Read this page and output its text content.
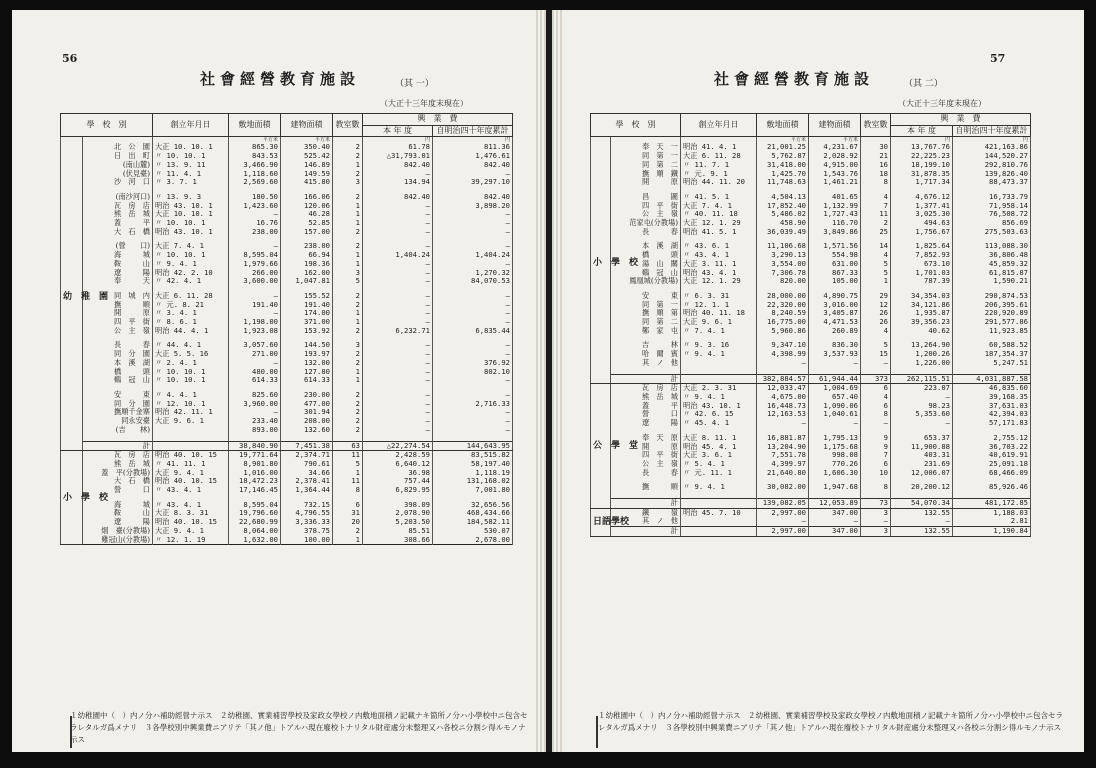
56
社會經營教育施設	（其 一）
（大正十三年度末現在）
學　校　別		創立年月日	敷地面積	建物面積	教室數	興　業　費	
						本 年 度	自明治四十年度累計

			平方米	平方米		円	円

幼　稚　園	北　公　園	大正 10. 10. 1	865.30	350.40	2	61.78	811.36
	日　出　町	〃 10. 10. 1	843.53	525.42	2	△31,793.01	1,476.61
	(南山麓)	〃 13. 9. 11	3,466.90	146.89	1	842.40	842.40
	(伏見臺)	〃 11. 4. 1	1,118.60	149.59	2	—	—
	沙　河　口	〃 3. 7. 1	2,569.60	415.80	3	134.94	39,297.10

	(南沙河口)	〃 13. 9. 3	180.50	166.06	2	842.40	842.40
	瓦　房　店	明治 43. 10. 1	1,423.60	120.06	1	—	3,898.20
	熊　岳　城	大正 10. 10. 1	—	46.28	1	—	—
	蓋　　　平	〃 10. 10. 1	16.76	52.85	1	—	—
	大　石　橋	明治 43. 10. 1	238.00	157.00	2	—	—

	(營　　口)	大正 7. 4. 1	—	238.00	2	—	—
	海　　　城	〃 10. 10. 1	8,595.04	66.94	1	1,404.24	1,404.24
	鞍　　　山	〃 9. 4. 1	1,979.66	198.36	1	—	—
	遼　　　陽	明治 42. 2. 10	266.00	162.00	3	—	1,270.32
	奉　　　天	〃 42. 4. 1	3,600.00	1,047.81	5	—	84,070.53

	同　城　内	大正 6. 11. 28	—	155.52	2	—	—
	撫　　　順	〃 元. 8. 21	191.40	191.40	2	—	—
	開　　　原	〃 3. 4. 1	—	174.00	1	—	—
	四　平　街	〃 8. 6. 1	1,198.00	371.00	1	—	—
	公　主　嶺	明治 44. 4. 1	1,923.08	153.92	2	6,232.71	6,835.44

	長　　　春	〃 44. 4. 1	3,057.60	144.50	3	—	—
	同　分　園	大正 5. 5. 16	271.00	193.97	2	—	—
	本　溪　湖	〃 2. 4. 1	—	132.00	2	—	376.92
	橋　　　頭	〃 10. 10. 1	480.00	127.80	1	—	802.10
	鷄　冠　山	〃 10. 10. 1	614.33	614.33	1	—	—

	安　　　東	〃 4. 4. 1	825.60	230.00	2	—	—
	同　分　園	〃 12. 10. 1	3,960.00	477.00	2	—	2,716.33
	撫順千金寨	明治 42. 11. 1	—	301.94	2	—	—
	同永安臺	大正 9. 6. 1	233.40	208.00	2	—	—
	(吉　　林)		893.00	132.60	2	—	—

	計		38,840.90	7,451.38	63	△22,274.54	144,643.95
小　學　校	瓦　房　店	明治 40. 10. 15	19,771.64	2,374.71	11	2,428.59	83,515.82
	熊　岳　城	〃 41. 11. 1	8,901.80	790.61	5	6,640.12	58,197.40
	蓋　平(分教場)	大正 9. 4. 1	1,016.00	34.66	1	36.98	1,118.19
	大　石　橋	明治 40. 10. 15	18,472.23	2,378.41	11	757.44	131,168.02
	營　　　口	〃 43. 4. 1	17,146.45	1,364.44	8	6,829.95	7,001.80

	海　　　城	〃 43. 4. 1	8,595.04	732.15	6	398.09	32,656.56
	鞍　　　山	大正 8. 3. 31	19,796.60	4,796.55	31	2,078.90	468,434.66
	遼　　　陽	明治 40. 10. 15	22,680.99	3,336.33	20	5,203.50	184,582.11
	烟　臺(分教場)	大正 9. 4. 1	8,064.00	378.75	2	85.51	530.07
	雞冠山(分教場)	〃 12. 1. 19	1,632.00	100.00	1	308.66	2,678.00
１幼稚園中（　）内ノ分ハ補助經營ナ示ス　２幼稚園、實業補習學校及家政女學校ノ内敷地面積ノ記載ナキ箇所ノ分ハ小學校中ニ包含セラレタルガ爲メナリ　３各學校別中興業費ニアリテ「其ノ他」トアルハ現在廢校トナリタル財産處分未整理又ハ各校ニ分割シ得ルモノナ示ス
57
社會經營教育施設	（其 二）
（大正十三年度末現在）
學　校　別		創立年月日	敷地面積	建物面積	教室數	興　業　費	
						本 年 度	自明治四十年度累計

			平方米	平方米		円	円

小　學　校	奉　天　一	明治 41. 4. 1	21,001.25	4,231.67	30	13,767.76	421,163.86
	同　第　一	大正 6. 11. 28	5,762.87	2,028.92	21	22,225.23	144,520.27
	同　第　二	〃 11. 7. 1	31,418.00	4,915.00	16	18,199.10	292,810.76
	撫　順　鐵	〃 元. 9. 1	1,425.70	1,543.76	18	31,878.35	139,826.40
	開　　　原	明治 44. 11. 20	11,748.63	1,461.21	8	1,717.34	88,473.37

	昌　　　圖	〃 41. 5. 1	4,504.13	401.65	4	4,676.12	16,733.79
	四　平　街	大正 7. 4. 1	17,852.40	1,132.99	7	1,377.41	71,958.14
	公　主　嶺	〃 40. 11. 18	5,486.02	1,727.43	11	3,025.30	76,508.72
	范家屯(分教場)	大正 12. 1. 29	458.90	116.70	2	494.63	856.69
	長　　　春	明治 41. 5. 1	36,039.49	3,849.86	25	1,756.67	275,503.63

	本　溪　湖	〃 43. 6. 1	11,106.68	1,571.56	14	1,825.64	113,088.30
	橋　　　頭	〃 43. 4. 1	3,290.13	554.98	4	7,852.93	36,806.48
	湯　山　關	大正 3. 11. 1	3,554.00	631.00	5	673.10	45,859.32
	鷄　冠　山	明治 43. 4. 1	7,306.78	867.33	5	1,701.03	61,815.87
	鳳凰城(分教場)	大正 12. 1. 29	820.00	105.00	1	787.39	1,590.21

	安　　　東	〃 6. 3. 31	28,000.00	4,890.75	29	34,354.03	290,874.53
	同　第　一	〃 12. 1. 1	22,320.00	3,016.00	12	34,121.86	206,395.61
	撫　順　第	明治 40. 11. 18	8,240.59	3,405.87	26	1,935.87	220,920.89
	同　第　二	大正 9. 6. 1	16,775.00	4,471.53	26	39,356.23	291,577.86
	鄭　家　屯	〃 7. 4. 1	5,960.86	260.89	4	40.62	11,923.85

	吉　　　林	〃 9. 3. 16	9,347.10	836.30	5	13,264.90	60,588.52
	哈　爾　賓	〃 9. 4. 1	4,398.99	3,537.93	15	1,200.26	187,354.37
	其　ノ　他		—	—	—	1,226.00	5,247.51

	計		382,884.57	61,944.44	373	262,115.51	4,031,887.58
公　學　堂	瓦　房　店	大正 2. 3. 31	12,033.47	1,004.69	6	223.07	46,835.60
	熊　岳　城	〃 9. 4. 1	4,675.00	657.40	4	—	39,168.35
	蓋　　　平	明治 43. 10. 1	16,448.73	1,090.06	6	98.23	37,631.03
	營　　　口	〃 42. 6. 15	12,163.53	1,040.61	8	5,353.60	42,394.03
	遼　　　陽	〃 45. 4. 1	—	—	—	—	57,171.83

	奉　天　原	大正 8. 11. 1	16,881.87	1,795.13	9	653.37	2,755.12
	開　　　原	明治 45. 4. 1	13,204.90	1,175.68	9	11,900.88	36,703.22
	四　平　街	大正 3. 6. 1	7,551.78	998.08	7	403.31	40,619.91
	公　主　嶺	〃 5. 4. 1	4,399.97	770.26	6	231.69	25,091.18
	長　　　春	〃 元. 11. 1	21,640.80	1,606.30	10	12,006.07	68,466.09

	撫　　　順	〃 9. 4. 1	30,082.00	1,947.68	8	20,200.12	85,926.46

	計		139,082.05	12,053.89	73	54,070.34	481,172.85
日語學校	鐵　　　嶺	明治 45. 7. 10	2,997.00	347.00	3	132.55	1,188.03
	其　ノ　他		—	—	—	—	2.81
	計		2,997.00	347.00	3	132.55	1,190.84
１幼稚園中（　）内ノ分ハ補助經營ナ示ス　２幼稚園、實業補習學校及家政女學校ノ内敷地面積ノ記載ナキ箇所ノ分ハ小學校中ニ包含セラレタルガ爲メナリ　３各學校別中興業費ニアリテ「其ノ他」トアルハ現在廢校トナリタル財産處分未整理又ハ各校ニ分割シ得ルモノナ示ス
